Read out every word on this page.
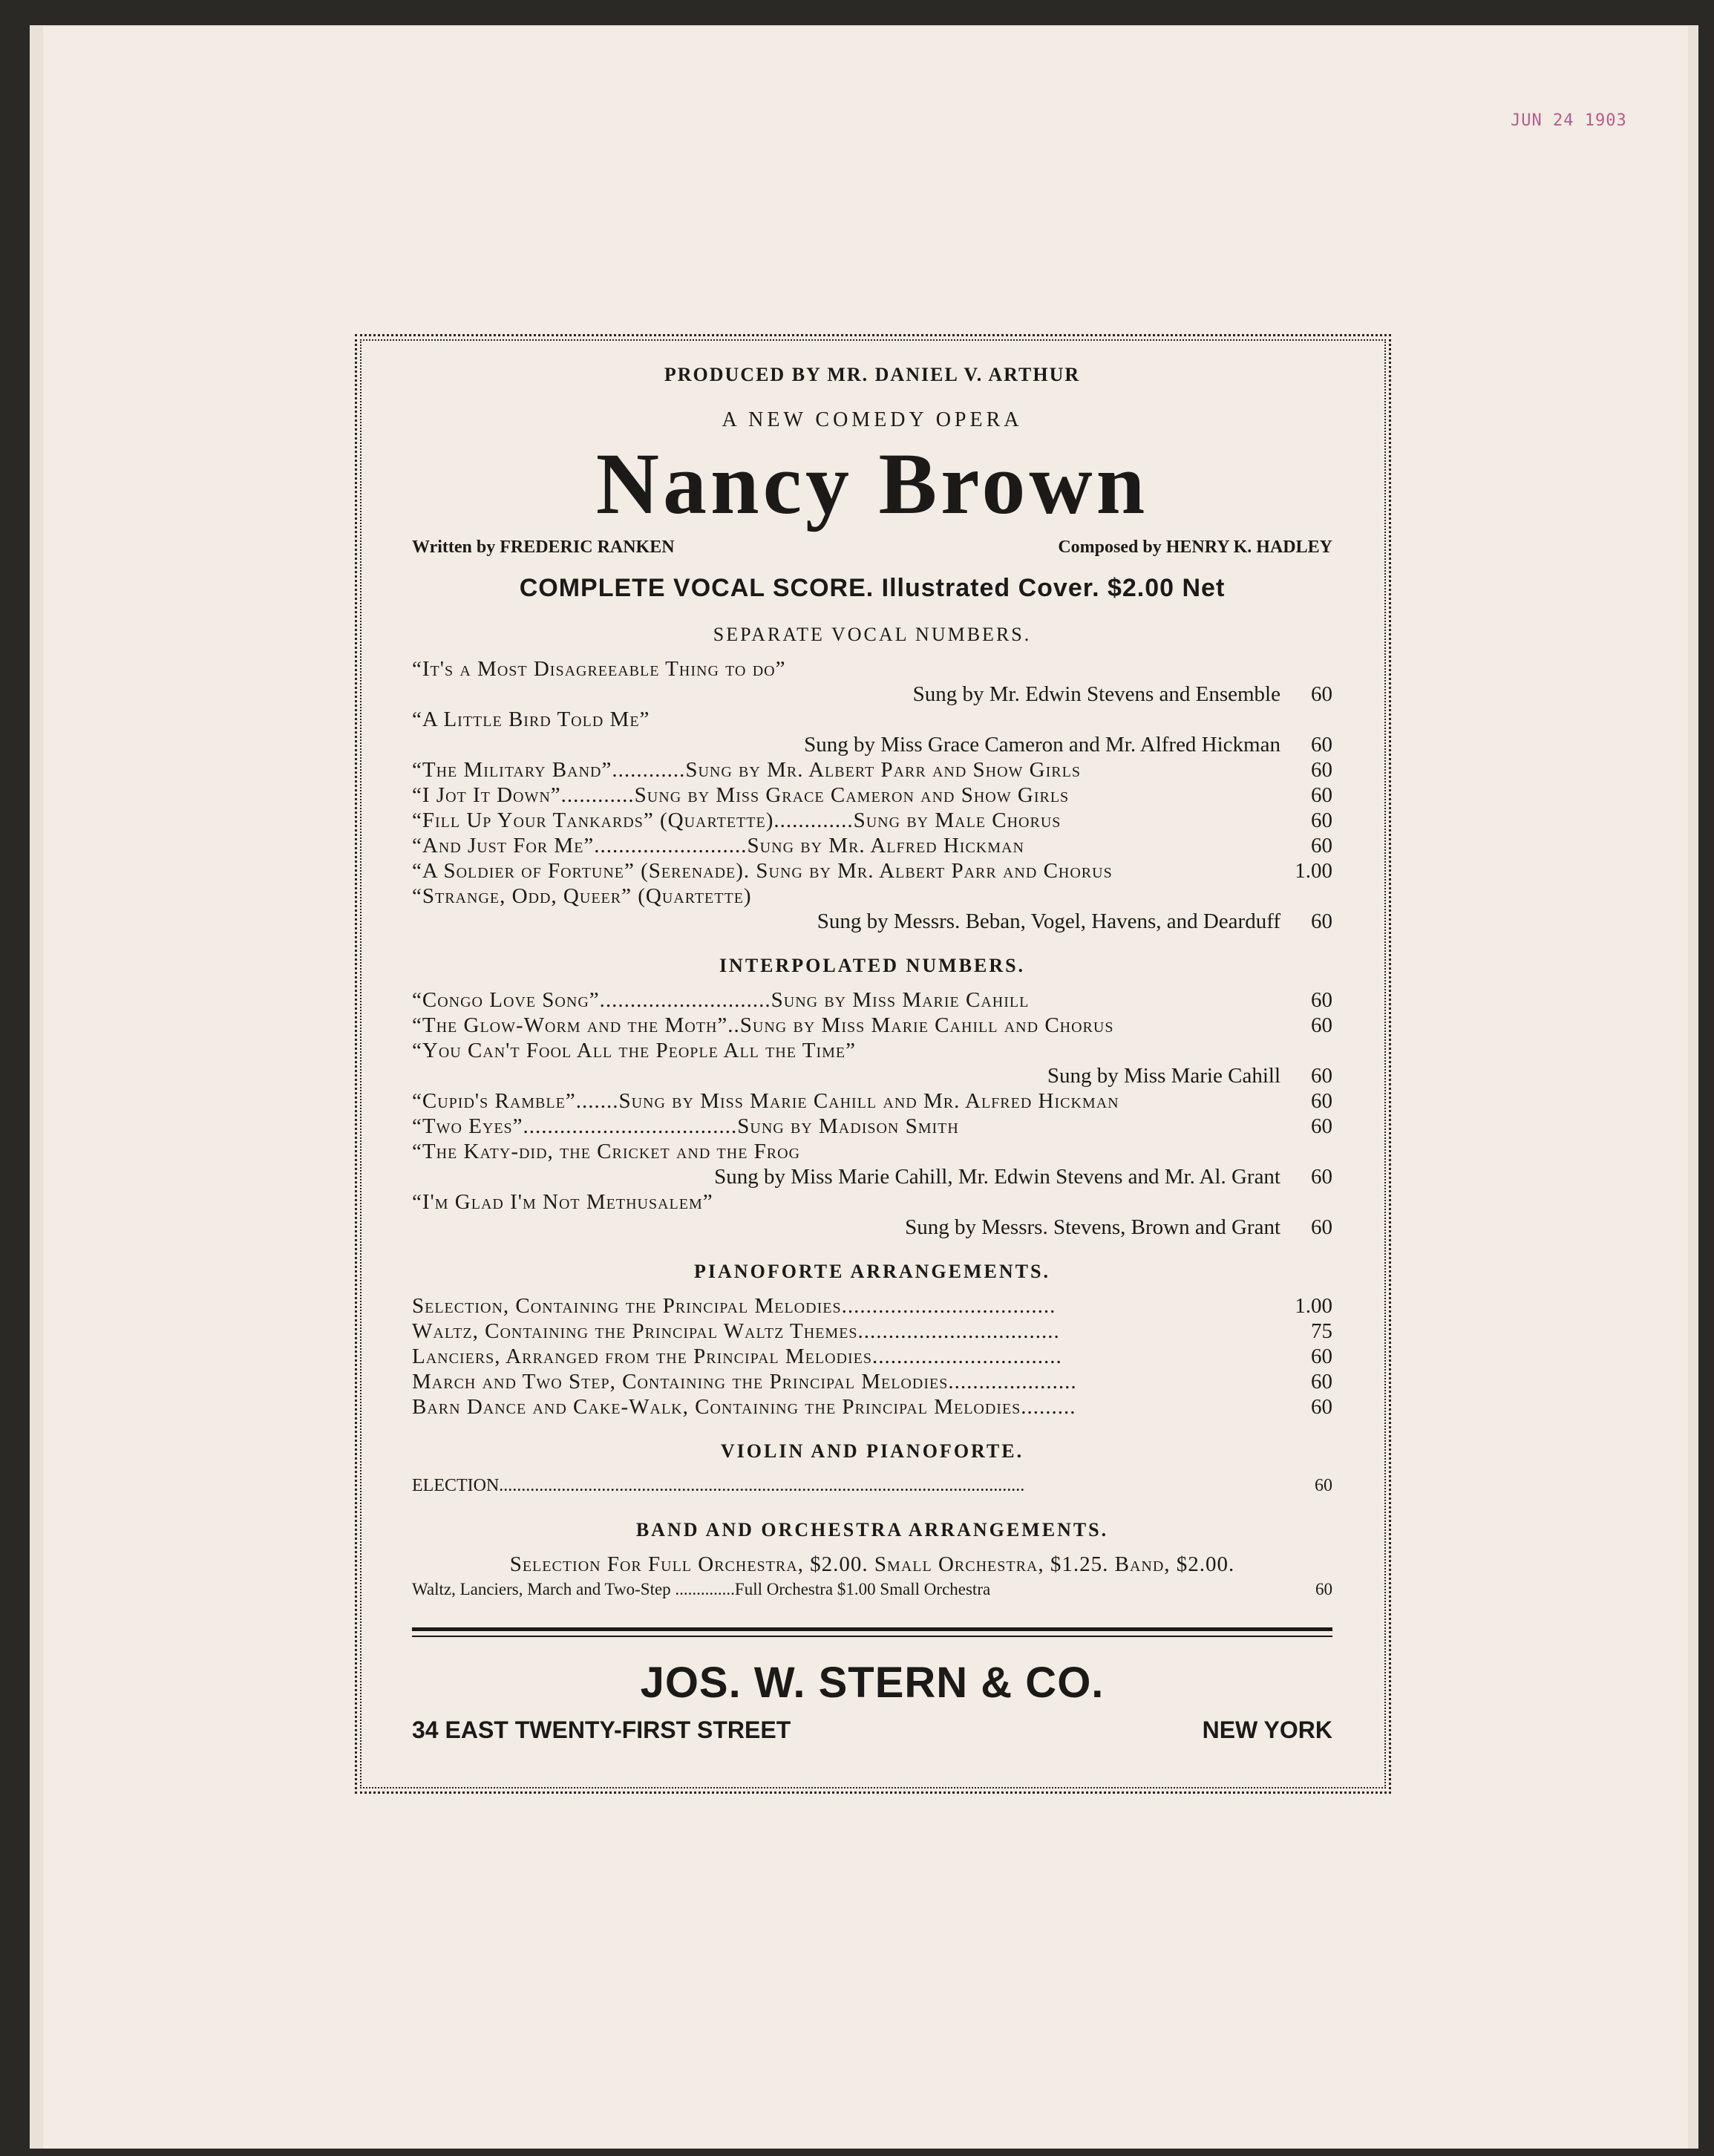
JUN 24 1903
PRODUCED BY MR. DANIEL V. ARTHUR
A NEW COMEDY OPERA
Nancy Brown
Written by FREDERIC RANKEN	Composed by HENRY K. HADLEY
COMPLETE VOCAL SCORE. Illustrated Cover. $2.00 Net
SEPARATE VOCAL NUMBERS.
“It's a Most Disagreeable Thing to do”
Sung by Mr. Edwin Stevens and Ensemble	60
“A Little Bird Told Me”
Sung by Miss Grace Cameron and Mr. Alfred Hickman	60
“The Military Band”............Sung by Mr. Albert Parr and Show Girls	60
“I Jot It Down”............Sung by Miss Grace Cameron and Show Girls	60
“Fill Up Your Tankards” (Quartette).............Sung by Male Chorus	60
“And Just For Me”.........................Sung by Mr. Alfred Hickman	60
“A Soldier of Fortune” (Serenade). Sung by Mr. Albert Parr and Chorus	1.00
“Strange, Odd, Queer” (Quartette)
Sung by Messrs. Beban, Vogel, Havens, and Dearduff	60
INTERPOLATED NUMBERS.
“Congo Love Song”............................Sung by Miss Marie Cahill	60
“The Glow-Worm and the Moth”..Sung by Miss Marie Cahill and Chorus	60
“You Can't Fool All the People All the Time”
Sung by Miss Marie Cahill	60
“Cupid's Ramble”.......Sung by Miss Marie Cahill and Mr. Alfred Hickman	60
“Two Eyes”...................................Sung by Madison Smith	60
“The Katy-did, the Cricket and the Frog
Sung by Miss Marie Cahill, Mr. Edwin Stevens and Mr. Al. Grant	60
“I'm Glad I'm Not Methusalem”
Sung by Messrs. Stevens, Brown and Grant	60
PIANOFORTE ARRANGEMENTS.
Selection, Containing the Principal Melodies...................................	1.00
Waltz, Containing the Principal Waltz Themes.................................	75
Lanciers, Arranged from the Principal Melodies...............................	60
March and Two Step, Containing the Principal Melodies.....................	60
Barn Dance and Cake-Walk, Containing the Principal Melodies.........	60
VIOLIN AND PIANOFORTE.
ELECTION......................................................................................................................	60
BAND AND ORCHESTRA ARRANGEMENTS.
Selection For Full Orchestra, $2.00. Small Orchestra, $1.25. Band, $2.00.
Waltz, Lanciers, March and Two-Step ..............Full Orchestra $1.00 Small Orchestra	60
JOS. W. STERN & CO.
34 EAST TWENTY-FIRST STREET	NEW YORK
